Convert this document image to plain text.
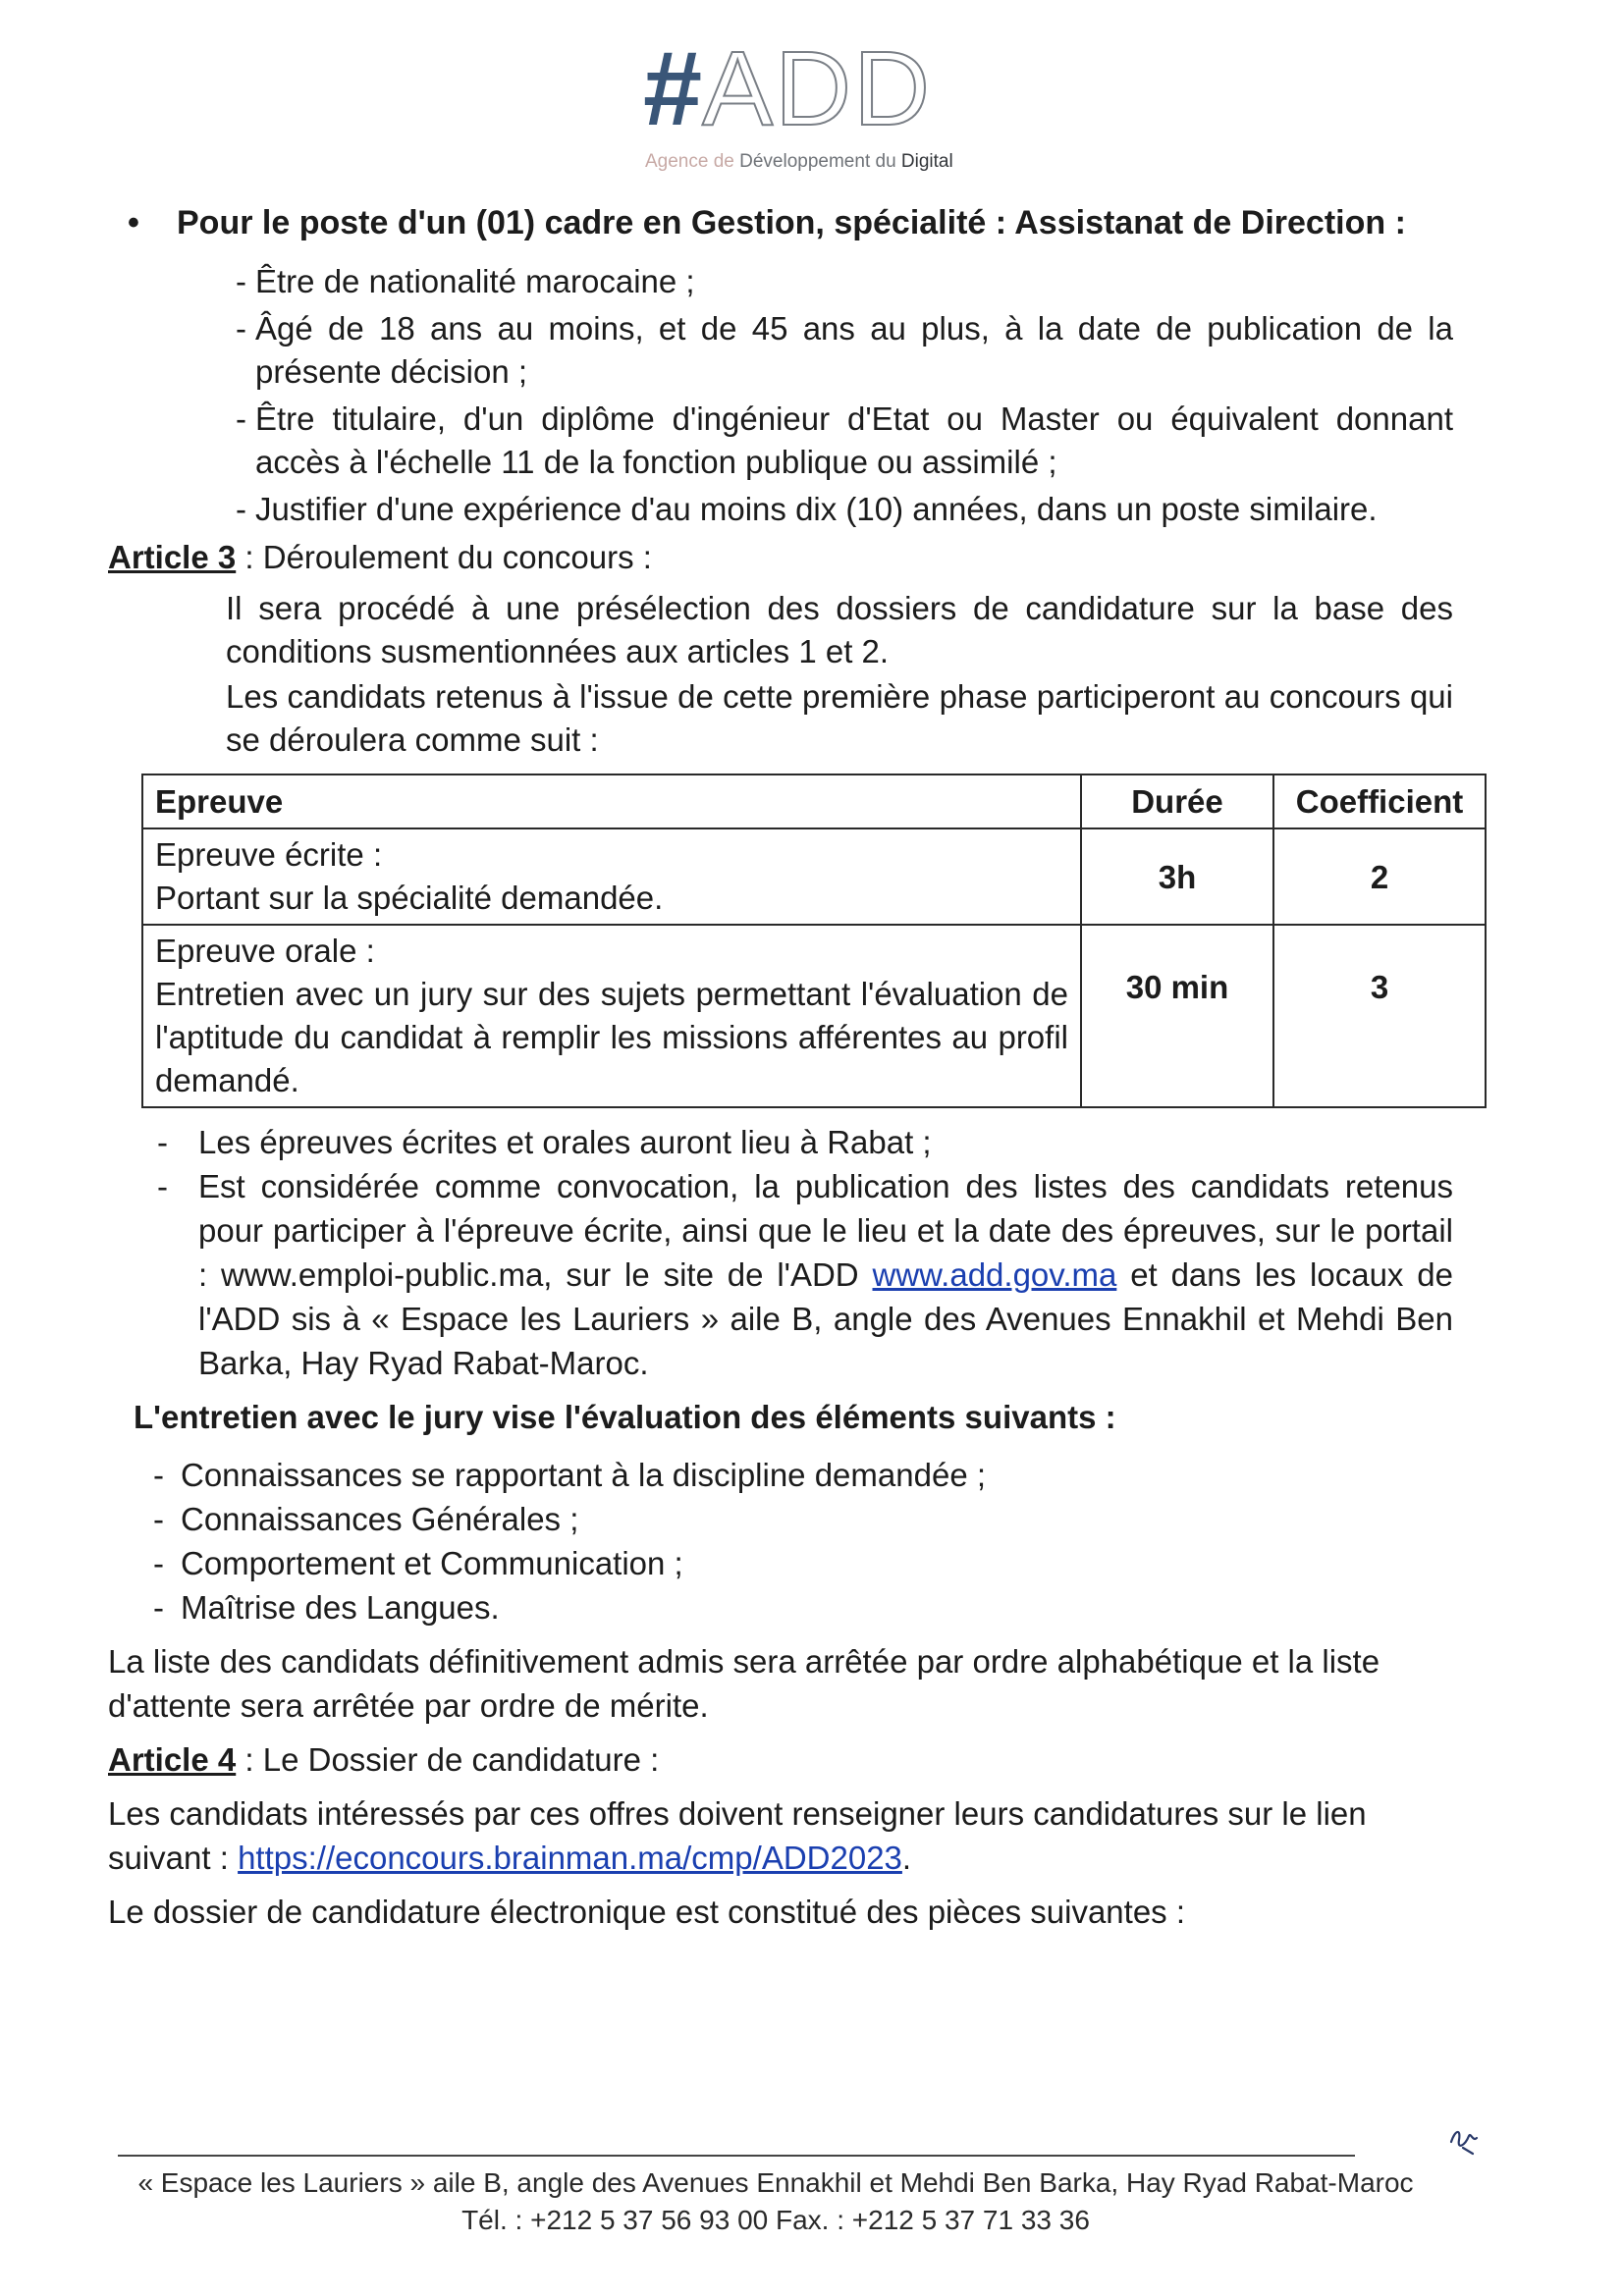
# ADD
Agence de Développement du Digital
• Pour le poste d'un (01) cadre en Gestion, spécialité : Assistanat de Direction :
- Être de nationalité marocaine ;
- Âgé de 18 ans au moins, et de 45 ans au plus, à la date de publication de la présente décision ;
- Être titulaire, d'un diplôme d'ingénieur d'Etat ou Master ou équivalent donnant accès à l'échelle 11 de la fonction publique ou assimilé ;
- Justifier d'une expérience d'au moins dix (10) années, dans un poste similaire.
Article 3 : Déroulement du concours :
Il sera procédé à une présélection des dossiers de candidature sur la base des conditions susmentionnées aux articles 1 et 2.
Les candidats retenus à l'issue de cette première phase participeront au concours qui se déroulera comme suit :
Epreuve	Durée	Coefficient

Epreuve écrite :
Portant sur la spécialité demandée.	3h	2

Epreuve orale :
Entretien avec un jury sur des sujets permettant l'évaluation de l'aptitude du candidat à remplir les missions afférentes au profil demandé.	30 min	3
- Les épreuves écrites et orales auront lieu à Rabat ;
- Est considérée comme convocation, la publication des listes des candidats retenus pour participer à l'épreuve écrite, ainsi que le lieu et la date des épreuves, sur le portail : www.emploi-public.ma, sur le site de l'ADD www.add.gov.ma et dans les locaux de l'ADD sis à « Espace les Lauriers » aile B, angle des Avenues Ennakhil et Mehdi Ben Barka, Hay Ryad Rabat-Maroc.
L'entretien avec le jury vise l'évaluation des éléments suivants :
- Connaissances se rapportant à la discipline demandée ;
- Connaissances Générales ;
- Comportement et Communication ;
- Maîtrise des Langues.
La liste des candidats définitivement admis sera arrêtée par ordre alphabétique et la liste d'attente sera arrêtée par ordre de mérite.
Article 4 : Le Dossier de candidature :
Les candidats intéressés par ces offres doivent renseigner leurs candidatures sur le lien suivant : https://econcours.brainman.ma/cmp/ADD2023.
Le dossier de candidature électronique est constitué des pièces suivantes :
« Espace les Lauriers » aile B, angle des Avenues Ennakhil et Mehdi Ben Barka, Hay Ryad Rabat-Maroc
Tél. : +212 5 37 56 93 00 Fax. : +212 5 37 71 33 36
